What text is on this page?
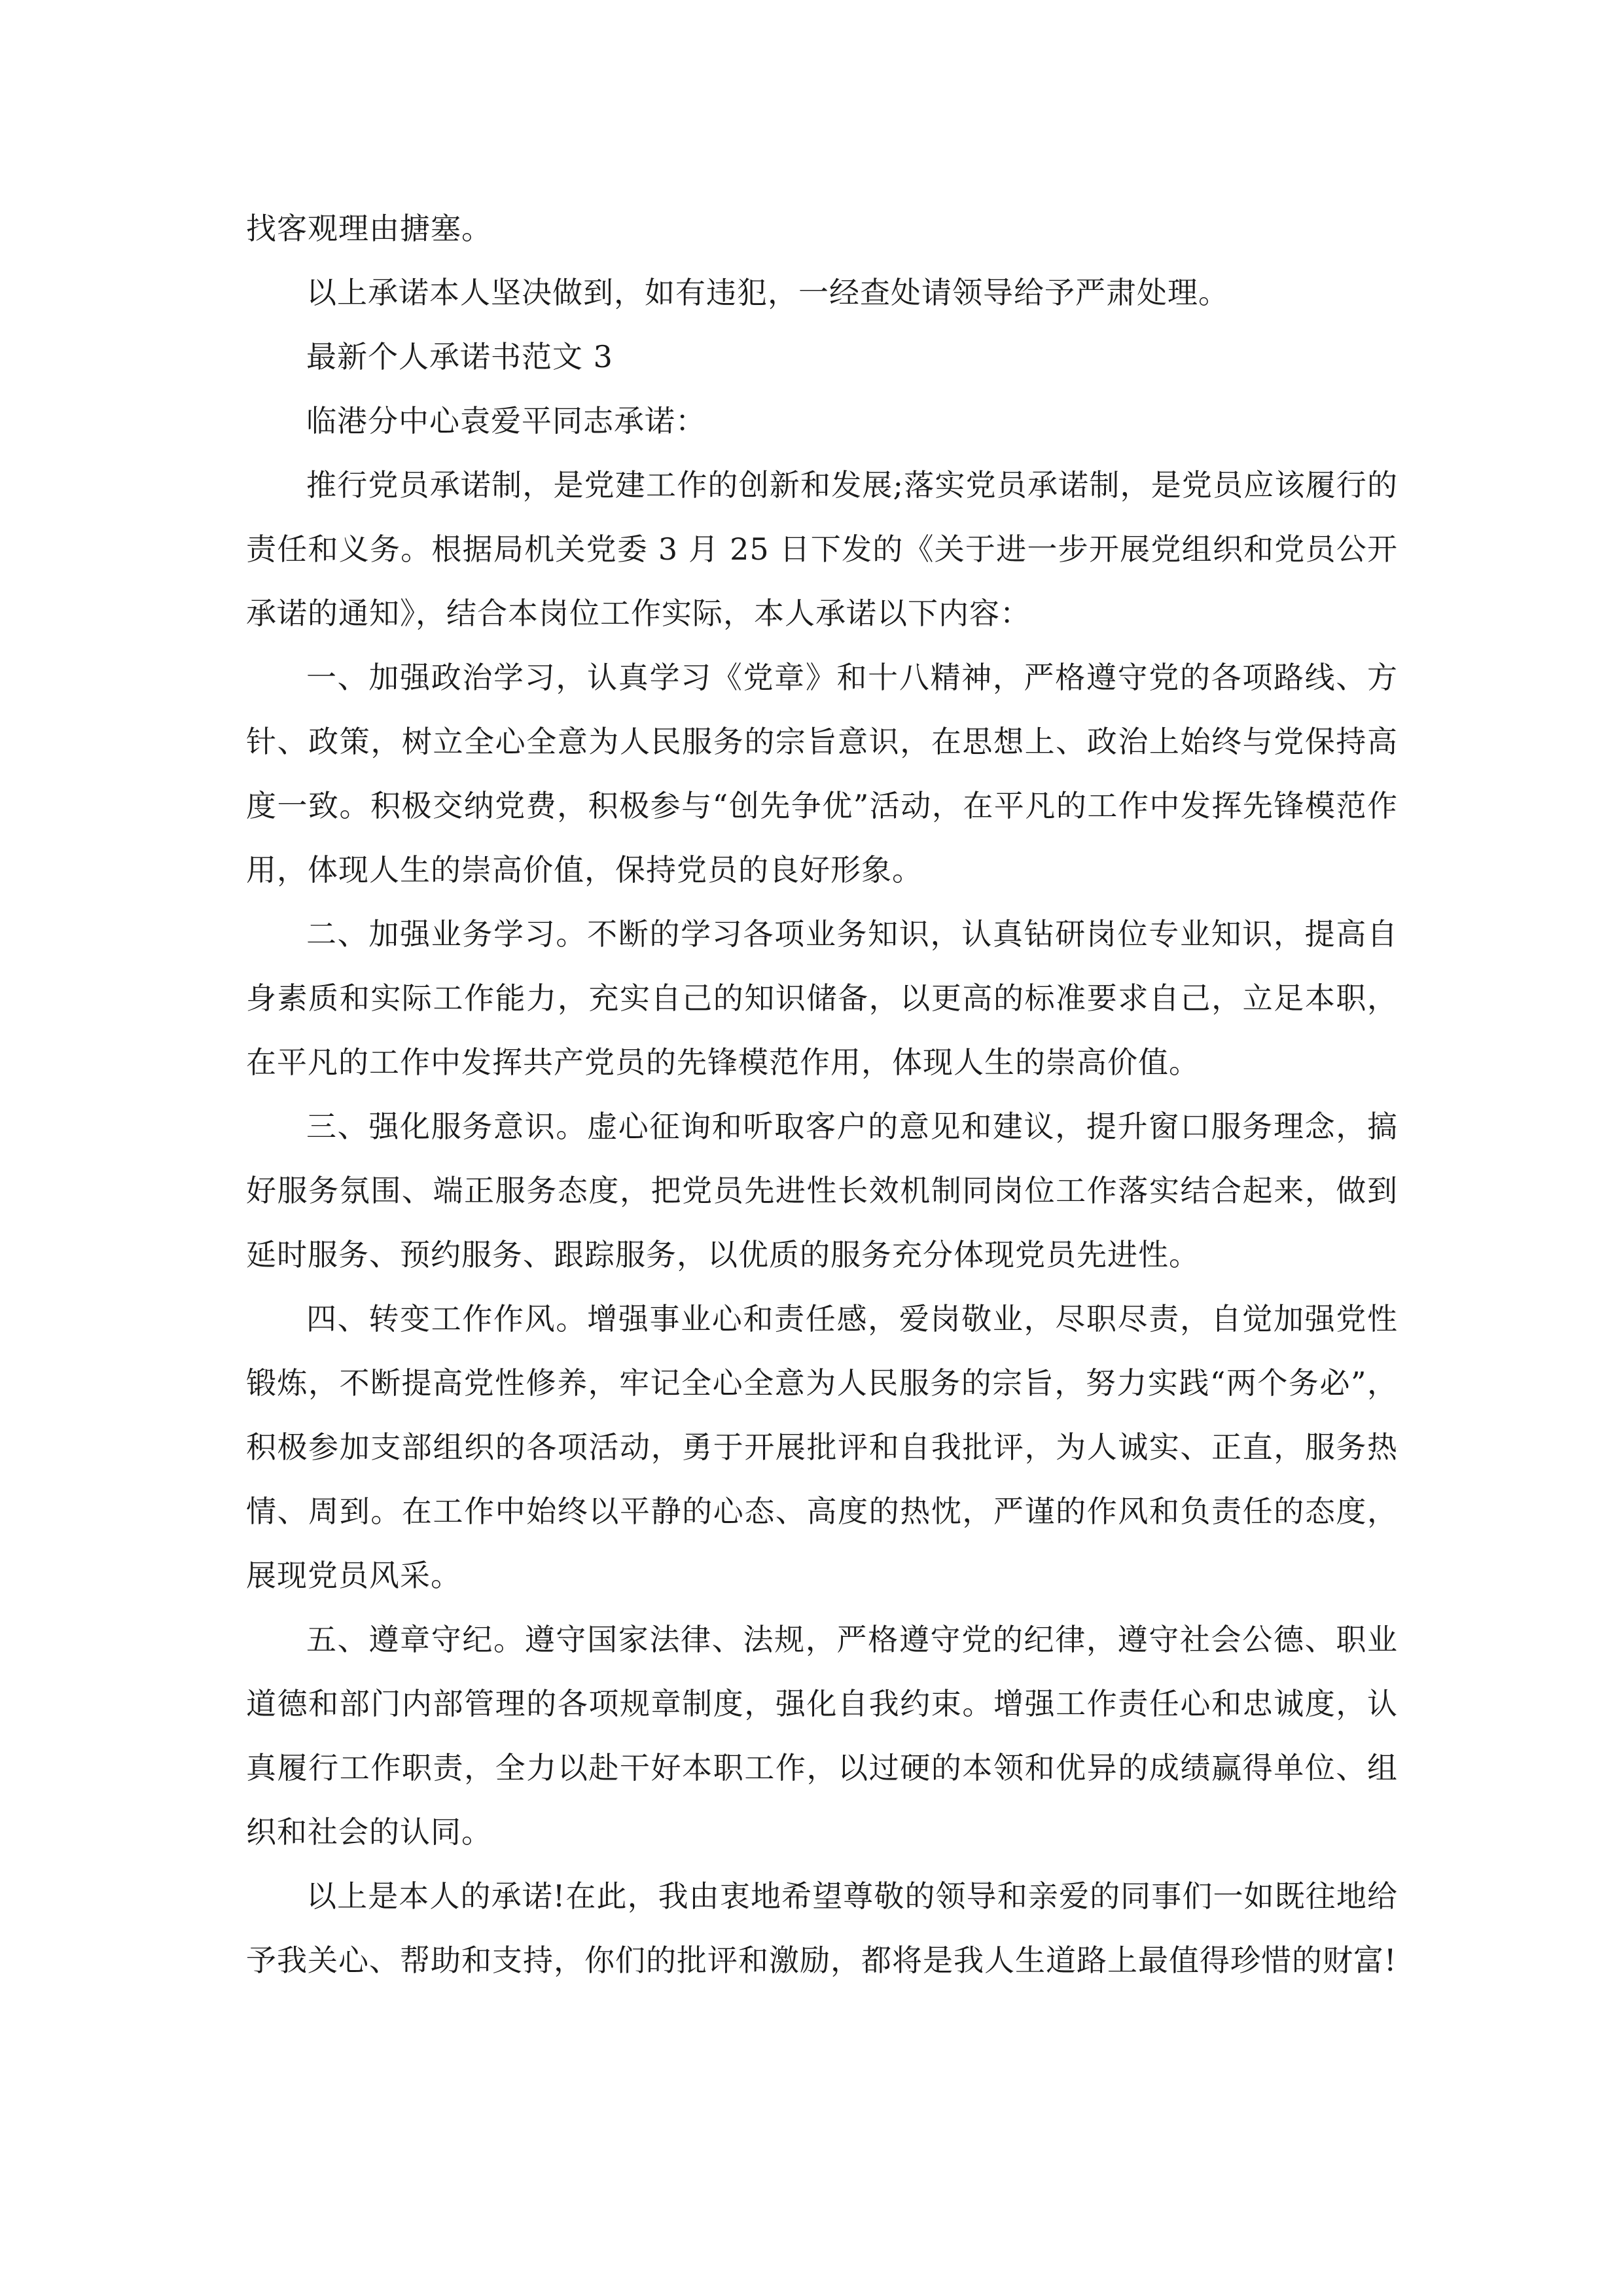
找客观理由搪塞。

以上承诺本人坚决做到，如有违犯，一经查处请领导给予严肃处理。

最新个人承诺书范文 3

临港分中心袁爱平同志承诺：

推行党员承诺制，是党建工作的创新和发展;落实党员承诺制，是党员应该履行的责任和义务。根据局机关党委 3 月 25 日下发的《关于进一步开展党组织和党员公开承诺的通知》，结合本岗位工作实际，本人承诺以下内容：

一、加强政治学习，认真学习《党章》和十八精神，严格遵守党的各项路线、方针、政策，树立全心全意为人民服务的宗旨意识，在思想上、政治上始终与党保持高度一致。积极交纳党费，积极参与“创先争优”活动，在平凡的工作中发挥先锋模范作用，体现人生的崇高价值，保持党员的良好形象。

二、加强业务学习。不断的学习各项业务知识，认真钻研岗位专业知识，提高自身素质和实际工作能力，充实自己的知识储备，以更高的标准要求自己，立足本职，在平凡的工作中发挥共产党员的先锋模范作用，体现人生的崇高价值。

三、强化服务意识。虚心征询和听取客户的意见和建议，提升窗口服务理念，搞好服务氛围、端正服务态度，把党员先进性长效机制同岗位工作落实结合起来，做到延时服务、预约服务、跟踪服务，以优质的服务充分体现党员先进性。

四、转变工作作风。增强事业心和责任感，爱岗敬业，尽职尽责，自觉加强党性锻炼，不断提高党性修养，牢记全心全意为人民服务的宗旨，努力实践“两个务必”，积极参加支部组织的各项活动，勇于开展批评和自我批评，为人诚实、正直，服务热情、周到。在工作中始终以平静的心态、高度的热忱，严谨的作风和负责任的态度，展现党员风采。

五、遵章守纪。遵守国家法律、法规，严格遵守党的纪律，遵守社会公德、职业道德和部门内部管理的各项规章制度，强化自我约束。增强工作责任心和忠诚度，认真履行工作职责，全力以赴干好本职工作，以过硬的本领和优异的成绩赢得单位、组织和社会的认同。

以上是本人的承诺!在此，我由衷地希望尊敬的领导和亲爱的同事们一如既往地给予我关心、帮助和支持，你们的批评和激励，都将是我人生道路上最值得珍惜的财富!
